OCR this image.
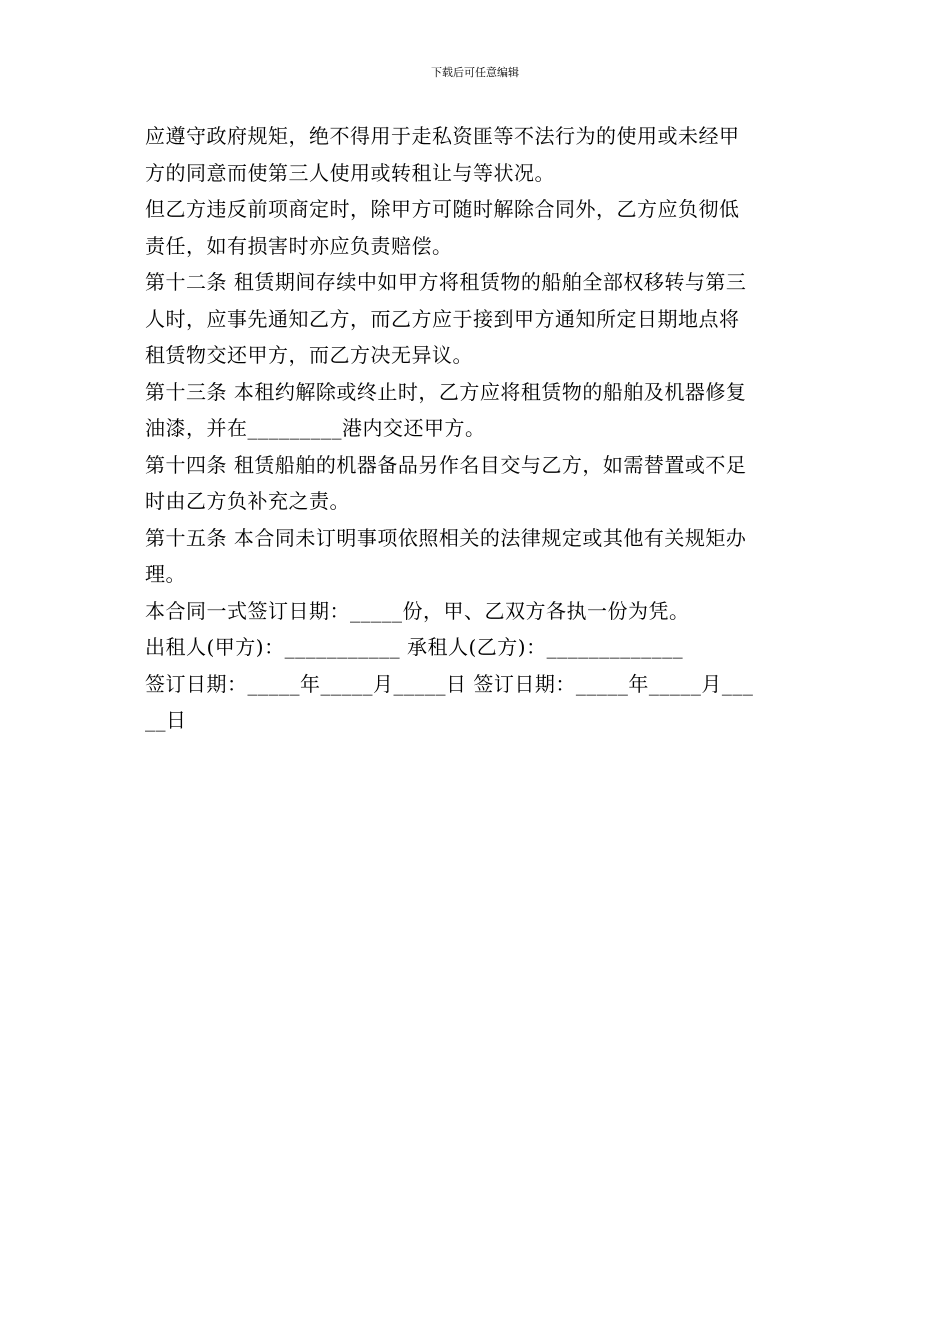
下载后可任意编辑
应遵守政府规矩，绝不得用于走私资匪等不法行为的使用或未经甲
方的同意而使第三人使用或转租让与等状况。
但乙方违反前项商定时，除甲方可随时解除合同外，乙方应负彻低
责任，如有损害时亦应负责赔偿。
第十二条 租赁期间存续中如甲方将租赁物的船舶全部权移转与第三
人时，应事先通知乙方，而乙方应于接到甲方通知所定日期地点将
租赁物交还甲方，而乙方决无异议。
第十三条 本租约解除或终止时，乙方应将租赁物的船舶及机器修复
油漆，并在_________港内交还甲方。
第十四条 租赁船舶的机器备品另作名目交与乙方，如需替置或不足
时由乙方负补充之责。
第十五条 本合同未订明事项依照相关的法律规定或其他有关规矩办
理。
本合同一式签订日期：_____份，甲、乙双方各执一份为凭。
出租人(甲方)：___________ 承租人(乙方)：_____________
签订日期：_____年_____月_____日 签订日期：_____年_____月___
__日
